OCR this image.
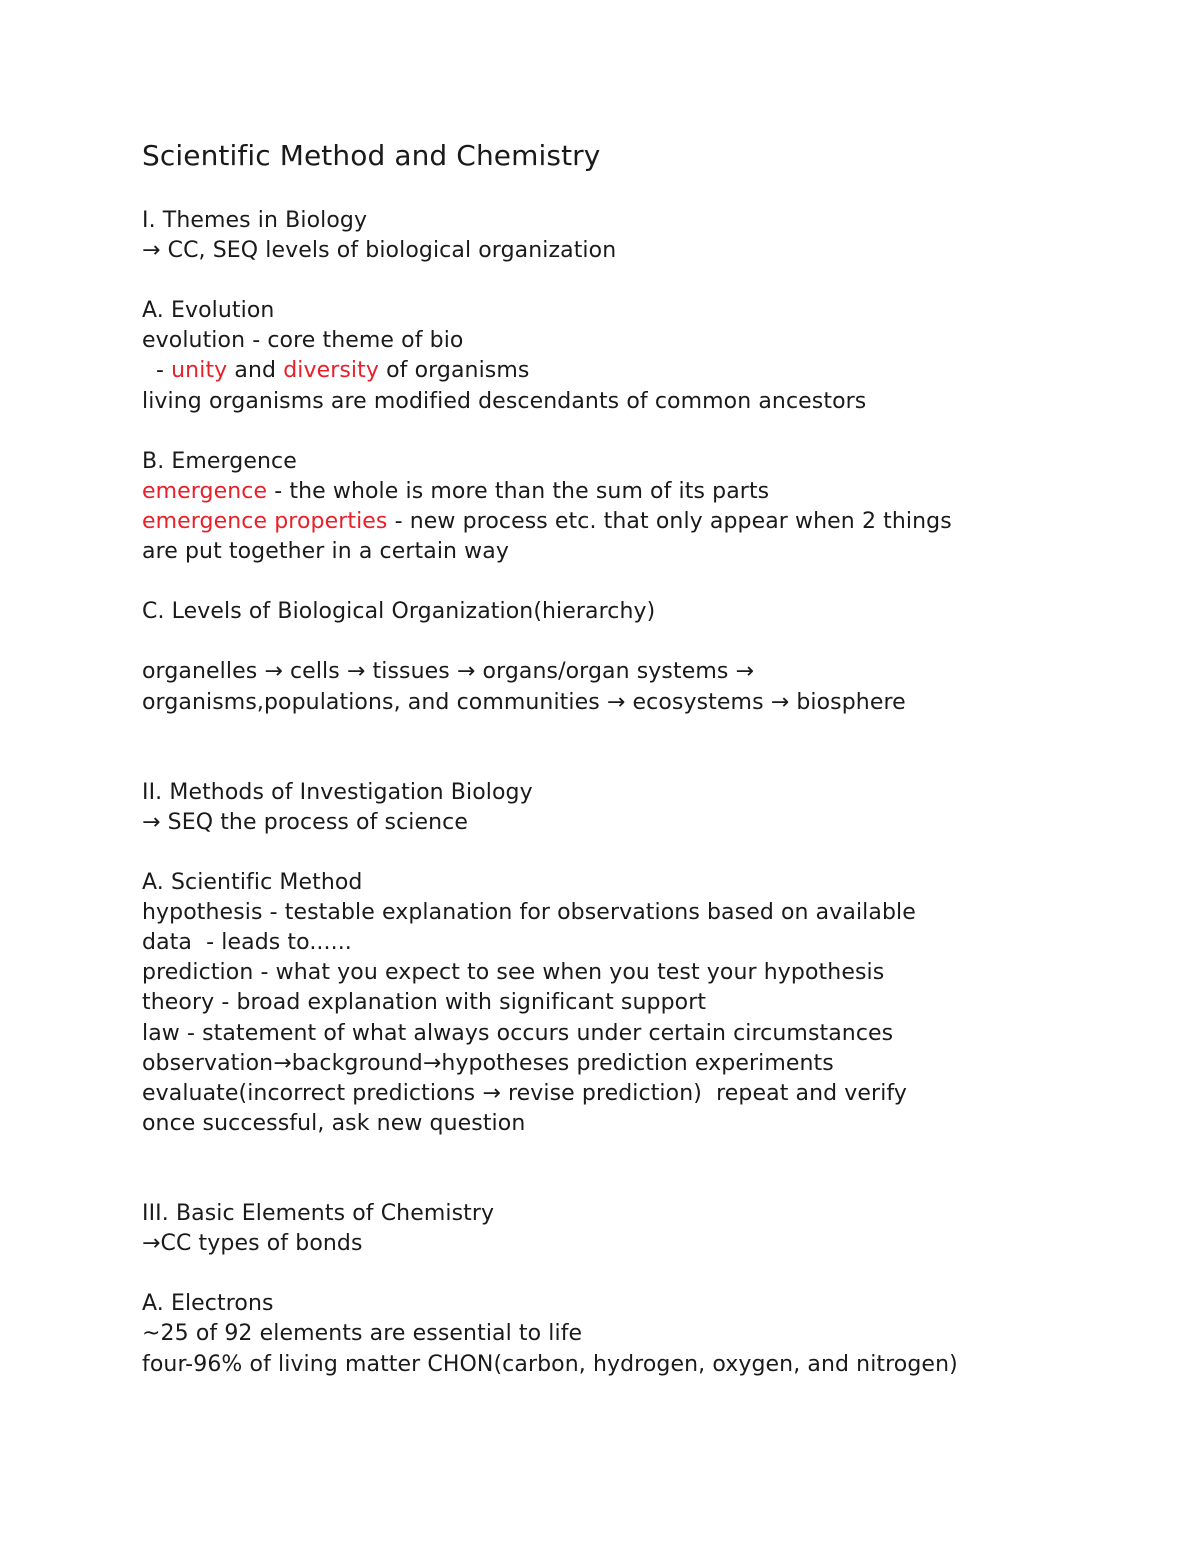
Scientific Method and Chemistry
I. Themes in Biology
→ CC, SEQ levels of biological organization
A. Evolution
evolution - core theme of bio
- unity and diversity of organisms
living organisms are modified descendants of common ancestors
B. Emergence
emergence - the whole is more than the sum of its parts
emergence properties - new process etc. that only appear when 2 things
are put together in a certain way
C. Levels of Biological Organization(hierarchy)
organelles → cells → tissues → organs/organ systems →
organisms,populations, and communities → ecosystems → biosphere
II. Methods of Investigation Biology
→ SEQ the process of science
A. Scientific Method
hypothesis - testable explanation for observations based on available
data  - leads to......
prediction - what you expect to see when you test your hypothesis
theory - broad explanation with significant support
law - statement of what always occurs under certain circumstances
observation→background→hypotheses prediction experiments
evaluate(incorrect predictions → revise prediction)  repeat and verify
once successful, ask new question
III. Basic Elements of Chemistry
→CC types of bonds
A. Electrons
~25 of 92 elements are essential to life
four-96% of living matter CHON(carbon, hydrogen, oxygen, and nitrogen)
